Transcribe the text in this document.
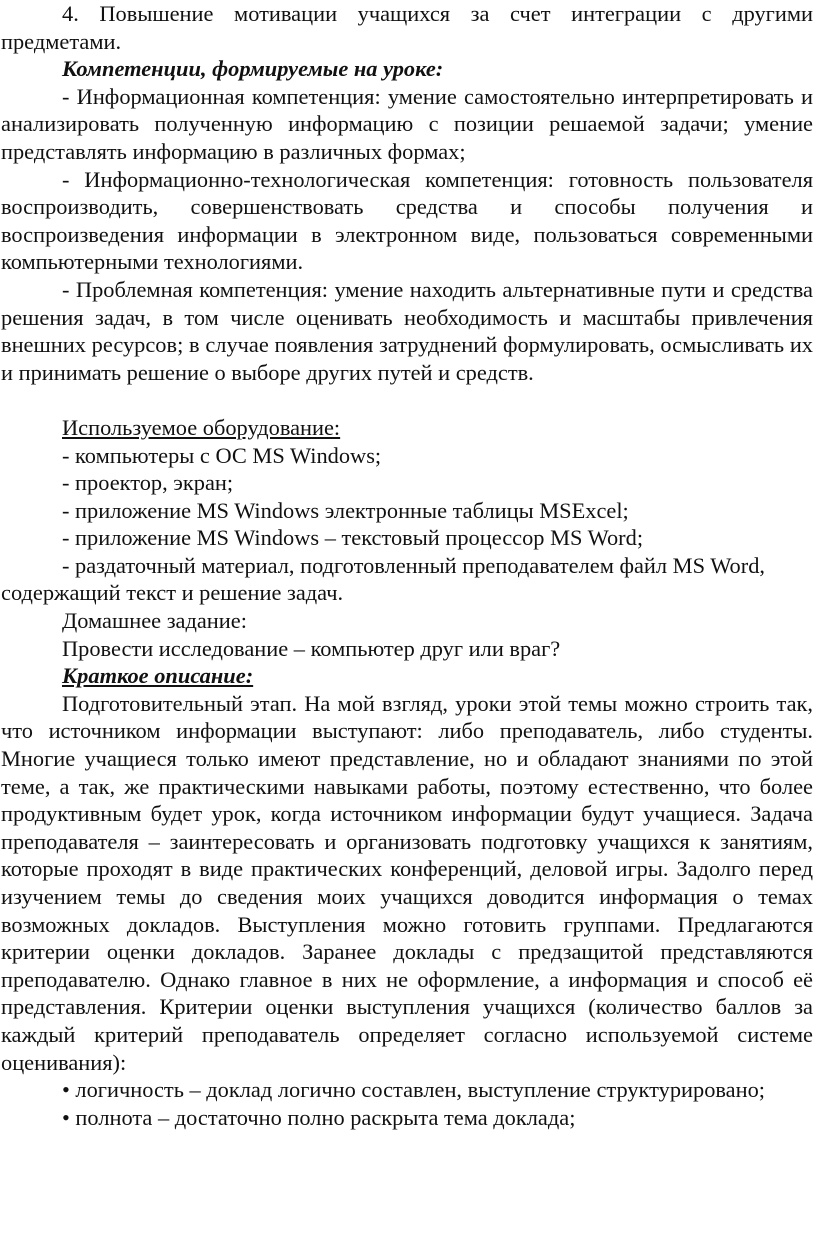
4. Повышение мотивации учащихся за счет интеграции с другими предметами.

Компетенции, формируемые на уроке:

- Информационная компетенция: умение самостоятельно интерпретировать и анализировать полученную информацию с позиции решаемой задачи; умение представлять информацию в различных формах;

- Информационно-технологическая компетенция: готовность пользователя воспроизводить, совершенствовать средства и способы получения и воспроизведения информации в электронном виде, пользоваться современными компьютерными технологиями.

- Проблемная компетенция: умение находить альтернативные пути и средства решения задач, в том числе оценивать необходимость и масштабы привлечения внешних ресурсов; в случае появления затруднений формулировать, осмысливать их и принимать решение о выборе других путей и средств.

Используемое оборудование:

- компьютеры с ОС MS Windows;

- проектор, экран;

- приложение MS Windows электронные таблицы MSExcel;

- приложение MS Windows – текстовый процессор MS Word;

- раздаточный материал, подготовленный преподавателем файл MS Word, содержащий текст и решение задач.

Домашнее задание:

Провести исследование – компьютер друг или враг?

Краткое описание:

Подготовительный этап. На мой взгляд, уроки этой темы можно строить так, что источником информации выступают: либо преподаватель, либо студенты. Многие учащиеся только имеют представление, но и обладают знаниями по этой теме, а так, же практическими навыками работы, поэтому естественно, что более продуктивным будет урок, когда источником информации будут учащиеся. Задача преподавателя – заинтересовать и организовать подготовку учащихся к занятиям, которые проходят в виде практических конференций, деловой игры. Задолго перед изучением темы до сведения моих учащихся доводится информация о темах возможных докладов. Выступления можно готовить группами. Предлагаются критерии оценки докладов. Заранее доклады с предзащитой представляются преподавателю. Однако главное в них не оформление, а информация и способ её представления. Критерии оценки выступления учащихся (количество баллов за каждый критерий преподаватель определяет согласно используемой системе оценивания):

• логичность – доклад логично составлен, выступление структурировано;

• полнота – достаточно полно раскрыта тема доклада;
